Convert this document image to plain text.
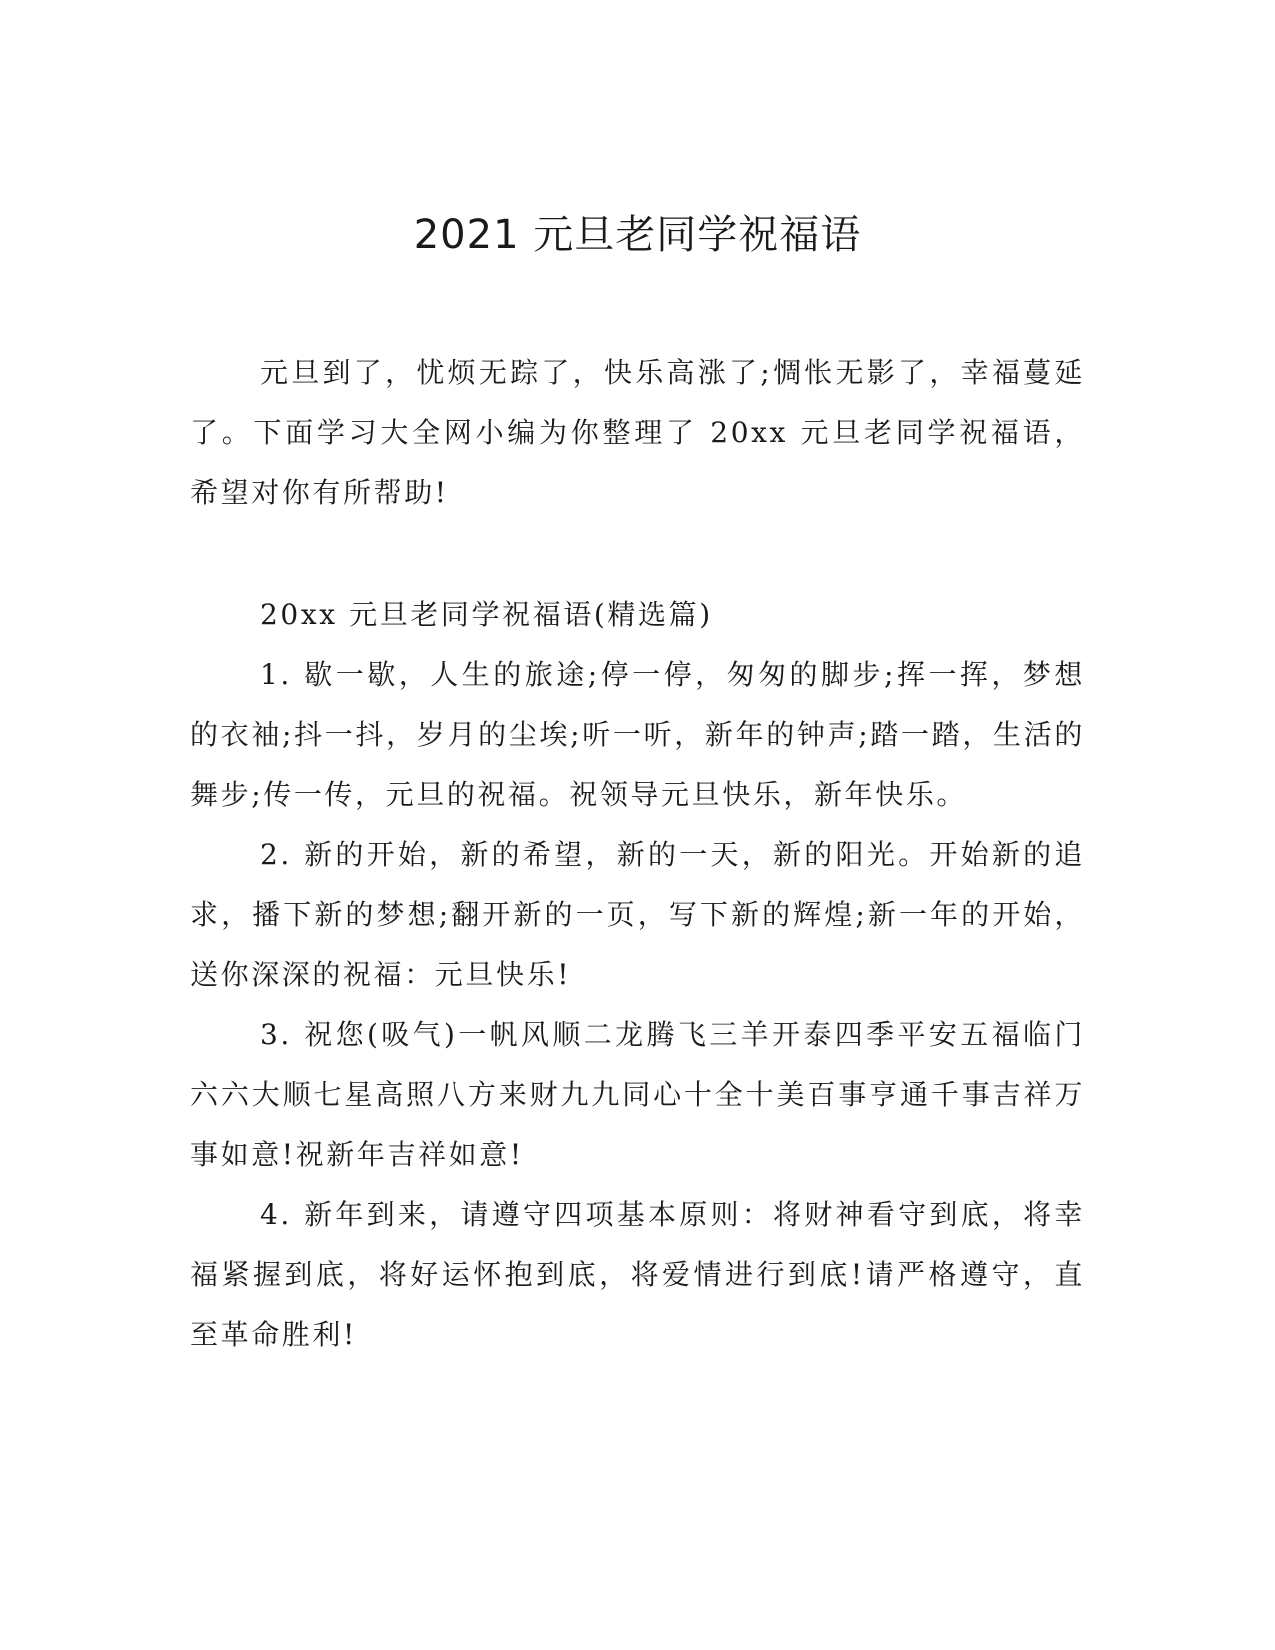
2021 元旦老同学祝福语

元旦到了，忧烦无踪了，快乐高涨了;惆怅无影了，幸福蔓延了。下面学习大全网小编为你整理了 20xx 元旦老同学祝福语，希望对你有所帮助!

20xx 元旦老同学祝福语(精选篇)

1. 歇一歇，人生的旅途;停一停，匆匆的脚步;挥一挥，梦想的衣袖;抖一抖，岁月的尘埃;听一听，新年的钟声;踏一踏，生活的舞步;传一传，元旦的祝福。祝领导元旦快乐，新年快乐。

2. 新的开始，新的希望，新的一天，新的阳光。开始新的追求，播下新的梦想;翻开新的一页，写下新的辉煌;新一年的开始，送你深深的祝福：元旦快乐!

3. 祝您(吸气)一帆风顺二龙腾飞三羊开泰四季平安五福临门六六大顺七星高照八方来财九九同心十全十美百事亨通千事吉祥万事如意!祝新年吉祥如意!

4. 新年到来，请遵守四项基本原则：将财神看守到底，将幸福紧握到底，将好运怀抱到底，将爱情进行到底!请严格遵守，直至革命胜利!
